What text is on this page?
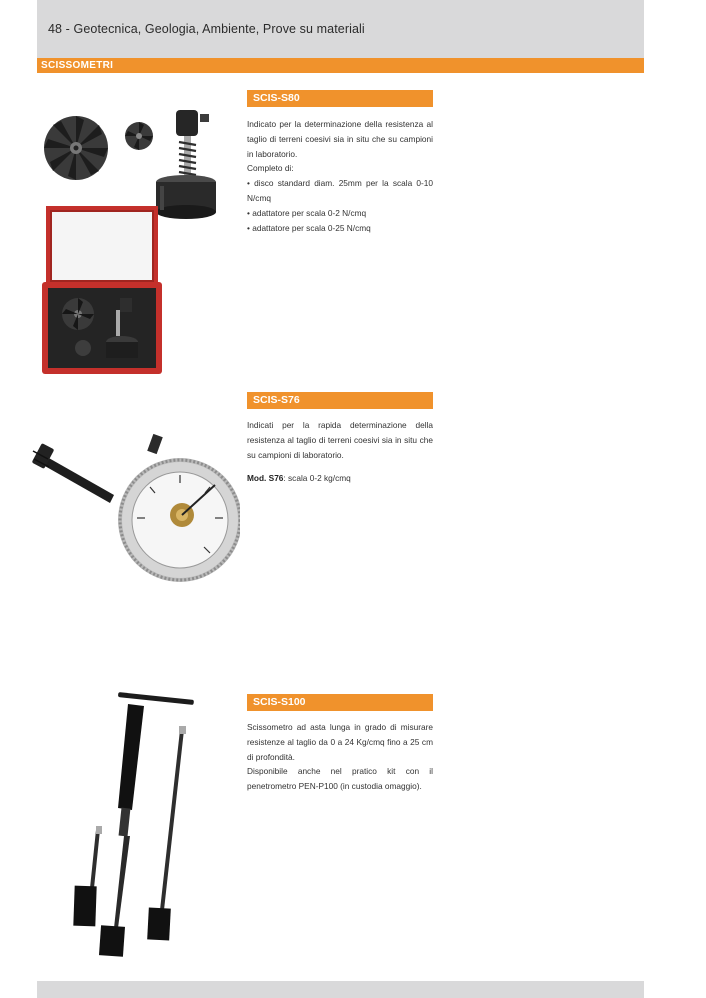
48 - Geotecnica, Geologia, Ambiente, Prove su materiali
SCISSOMETRI
SCIS-S80

Indicato per la determinazione della resistenza al taglio di terreni coesivi sia in situ che su campioni in laboratorio.

Completo di:

• disco standard diam. 25mm per la scala 0-10 N/cmq

• adattatore per scala 0-2 N/cmq

• adattatore per scala 0-25 N/cmq

SCIS-S76

Indicati per la rapida determinazione della resistenza al taglio di terreni coesivi sia in situ che su campioni di laboratorio.

Mod. S76: scala 0-2 kg/cmq

SCIS-S100

Scissometro ad asta lunga in grado di misurare resistenze al taglio da 0 a 24 Kg/cmq fino a 25 cm di profondità.

Disponibile anche nel pratico kit con il penetrometro PEN-P100 (in custodia omaggio).
